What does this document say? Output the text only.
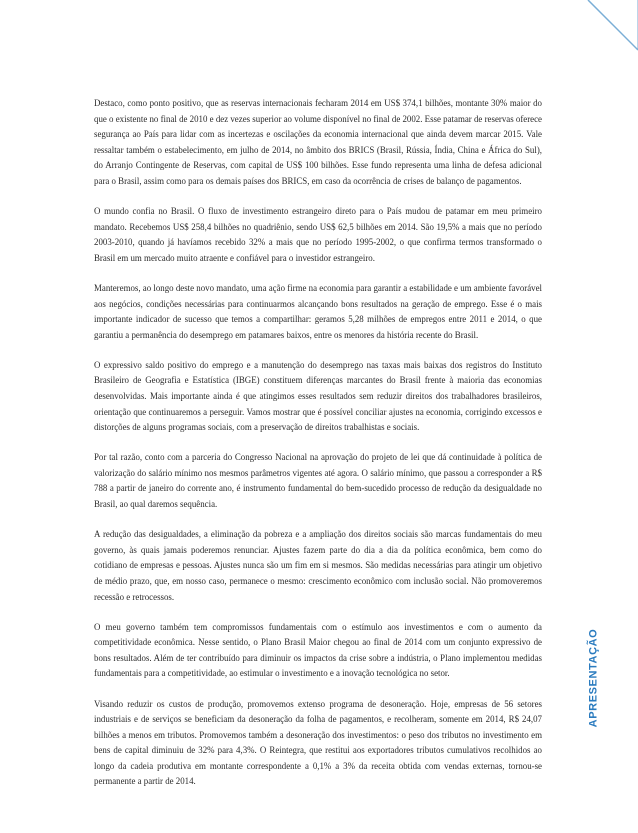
Destaco, como ponto positivo, que as reservas internacionais fecharam 2014 em US$ 374,1 bilhões, montante 30% maior do que o existente no final de 2010 e dez vezes superior ao volume disponível no final de 2002. Esse patamar de reservas oferece segurança ao País para lidar com as incertezas e oscilações da economia internacional que ainda devem marcar 2015. Vale ressaltar também o estabelecimento, em julho de 2014, no âmbito dos BRICS (Brasil, Rússia, Índia, China e África do Sul), do Arranjo Contingente de Reservas, com capital de US$ 100 bilhões. Esse fundo representa uma linha de defesa adicional para o Brasil, assim como para os demais países dos BRICS, em caso da ocorrência de crises de balanço de pagamentos.

O mundo confia no Brasil. O fluxo de investimento estrangeiro direto para o País mudou de patamar em meu primeiro mandato. Recebemos US$ 258,4 bilhões no quadriênio, sendo US$ 62,5 bilhões em 2014. São 19,5% a mais que no período 2003-2010, quando já havíamos recebido 32% a mais que no período 1995-2002, o que confirma termos transformado o Brasil em um mercado muito atraente e confiável para o investidor estrangeiro.

Manteremos, ao longo deste novo mandato, uma ação firme na economia para garantir a estabilidade e um ambiente favorável aos negócios, condições necessárias para continuarmos alcançando bons resultados na geração de emprego. Esse é o mais importante indicador de sucesso que temos a compartilhar: geramos 5,28 milhões de empregos entre 2011 e 2014, o que garantiu a permanência do desemprego em patamares baixos, entre os menores da história recente do Brasil.

O expressivo saldo positivo do emprego e a manutenção do desemprego nas taxas mais baixas dos registros do Instituto Brasileiro de Geografia e Estatística (IBGE) constituem diferenças marcantes do Brasil frente à maioria das economias desenvolvidas. Mais importante ainda é que atingimos esses resultados sem reduzir direitos dos trabalhadores brasileiros, orientação que continuaremos a perseguir. Vamos mostrar que é possível conciliar ajustes na economia, corrigindo excessos e distorções de alguns programas sociais, com a preservação de direitos trabalhistas e sociais.

Por tal razão, conto com a parceria do Congresso Nacional na aprovação do projeto de lei que dá continuidade à política de valorização do salário mínimo nos mesmos parâmetros vigentes até agora. O salário mínimo, que passou a corresponder a R$ 788 a partir de janeiro do corrente ano, é instrumento fundamental do bem-sucedido processo de redução da desigualdade no Brasil, ao qual daremos sequência.

A redução das desigualdades, a eliminação da pobreza e a ampliação dos direitos sociais são marcas fundamentais do meu governo, às quais jamais poderemos renunciar. Ajustes fazem parte do dia a dia da política econômica, bem como do cotidiano de empresas e pessoas. Ajustes nunca são um fim em si mesmos. São medidas necessárias para atingir um objetivo de médio prazo, que, em nosso caso, permanece o mesmo: crescimento econômico com inclusão social. Não promoveremos recessão e retrocessos.

O meu governo também tem compromissos fundamentais com o estímulo aos investimentos e com o aumento da competitividade econômica. Nesse sentido, o Plano Brasil Maior chegou ao final de 2014 com um conjunto expressivo de bons resultados. Além de ter contribuído para diminuir os impactos da crise sobre a indústria, o Plano implementou medidas fundamentais para a competitividade, ao estimular o investimento e a inovação tecnológica no setor.

Visando reduzir os custos de produção, promovemos extenso programa de desoneração. Hoje, empresas de 56 setores industriais e de serviços se beneficiam da desoneração da folha de pagamentos, e recolheram, somente em 2014, R$ 24,07 bilhões a menos em tributos. Promovemos também a desoneração dos investimentos: o peso dos tributos no investimento em bens de capital diminuiu de 32% para 4,3%. O Reintegra, que restitui aos exportadores tributos cumulativos recolhidos ao longo da cadeia produtiva em montante correspondente a 0,1% a 3% da receita obtida com vendas externas, tornou-se permanente a partir de 2014.

APRESENTAÇÃO
